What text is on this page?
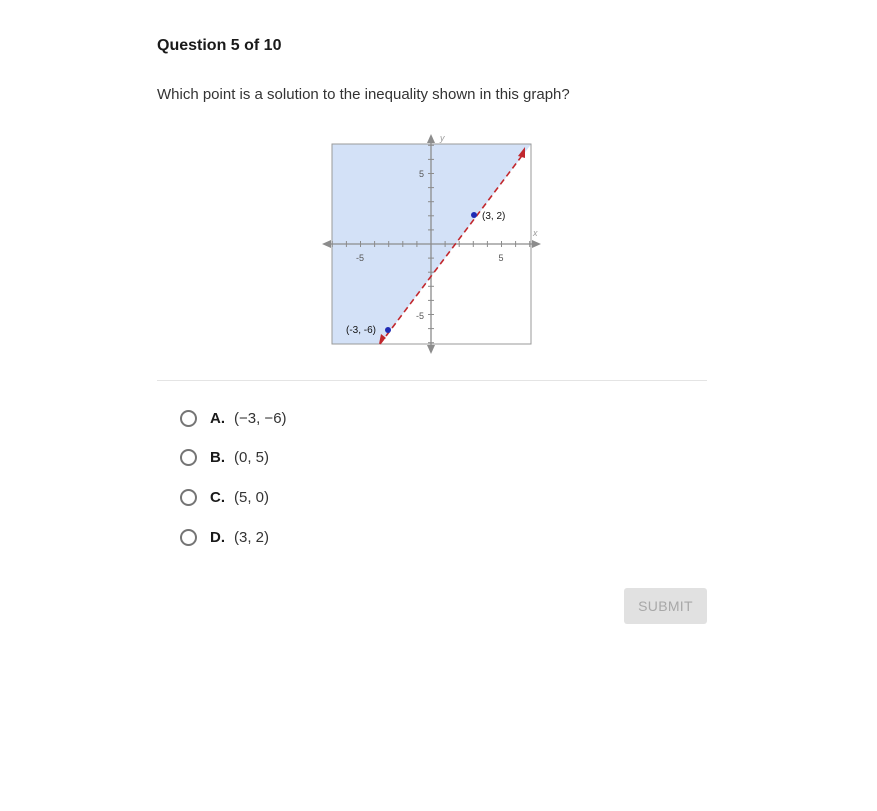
Question 5 of 10
Which point is a solution to the inequality shown in this graph?
x
y
-5	5
5
-5
(3, 2)
(-3, -6)
A. (−3, −6)
B. (0, 5)
C. (5, 0)
D. (3, 2)
SUBMIT
